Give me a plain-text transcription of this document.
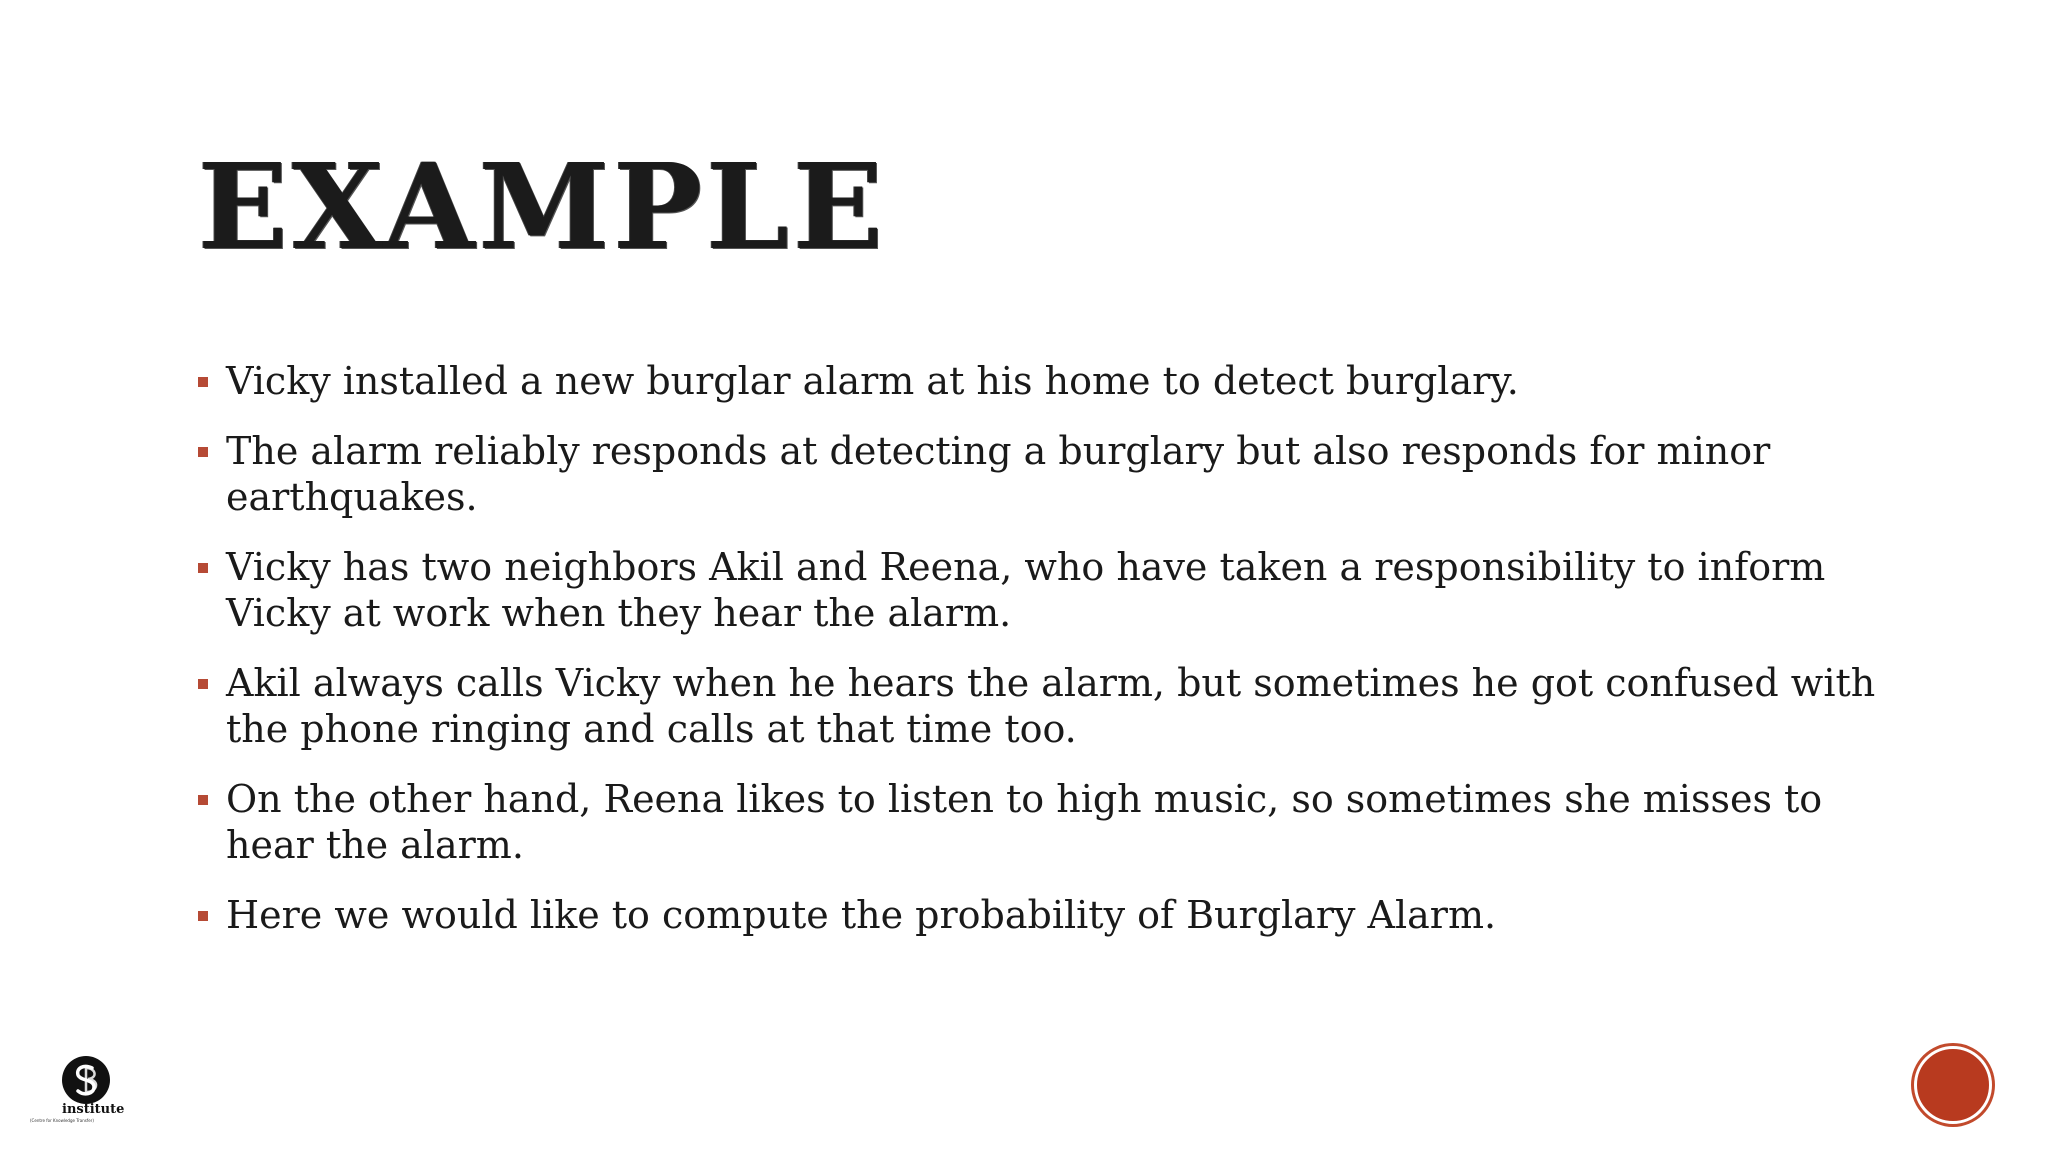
EXAMPLE
Vicky installed a new burglar alarm at his home to detect burglary.
The alarm reliably responds at detecting a burglary but also responds for minor earthquakes.
Vicky has two neighbors Akil and Reena, who have taken a responsibility to inform Vicky at work when they hear the alarm.
Akil always calls Vicky when he hears the alarm, but sometimes he got confused with the phone ringing and calls at that time too.
On the other hand, Reena likes to listen to high music, so sometimes she misses to hear the alarm.
Here we would like to compute the probability of Burglary Alarm.
institute
(Centre for Knowledge Transfer)
